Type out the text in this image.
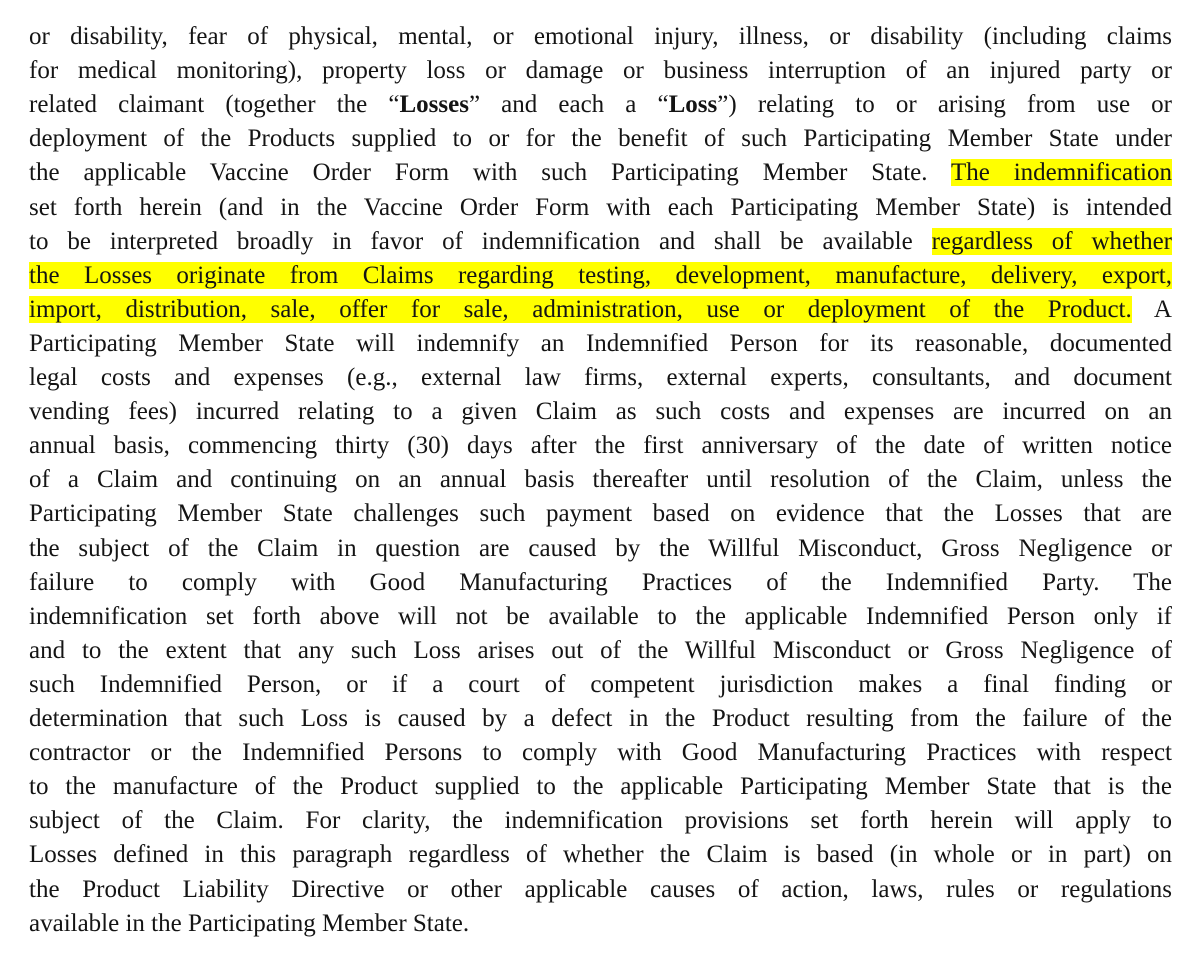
or disability, fear of physical, mental, or emotional injury, illness, or disability (including claims
for medical monitoring), property loss or damage or business interruption of an injured party or
related claimant (together the “Losses” and each a “Loss”) relating to or arising from use or
deployment of the Products supplied to or for the benefit of such Participating Member State under
the applicable Vaccine Order Form with such Participating Member State. The indemnification
set forth herein (and in the Vaccine Order Form with each Participating Member State) is intended
to be interpreted broadly in favor of indemnification and shall be available regardless of whether
the Losses originate from Claims regarding testing, development, manufacture, delivery, export,
import, distribution, sale, offer for sale, administration, use or deployment of the Product. A
Participating Member State will indemnify an Indemnified Person for its reasonable, documented
legal costs and expenses (e.g., external law firms, external experts, consultants, and document
vending fees) incurred relating to a given Claim as such costs and expenses are incurred on an
annual basis, commencing thirty (30) days after the first anniversary of the date of written notice
of a Claim and continuing on an annual basis thereafter until resolution of the Claim, unless the
Participating Member State challenges such payment based on evidence that the Losses that are
the subject of the Claim in question are caused by the Willful Misconduct, Gross Negligence or
failure to comply with Good Manufacturing Practices of the Indemnified Party. The
indemnification set forth above will not be available to the applicable Indemnified Person only if
and to the extent that any such Loss arises out of the Willful Misconduct or Gross Negligence of
such Indemnified Person, or if a court of competent jurisdiction makes a final finding or
determination that such Loss is caused by a defect in the Product resulting from the failure of the
contractor or the Indemnified Persons to comply with Good Manufacturing Practices with respect
to the manufacture of the Product supplied to the applicable Participating Member State that is the
subject of the Claim. For clarity, the indemnification provisions set forth herein will apply to
Losses defined in this paragraph regardless of whether the Claim is based (in whole or in part) on
the Product Liability Directive or other applicable causes of action, laws, rules or regulations
available in the Participating Member State.
